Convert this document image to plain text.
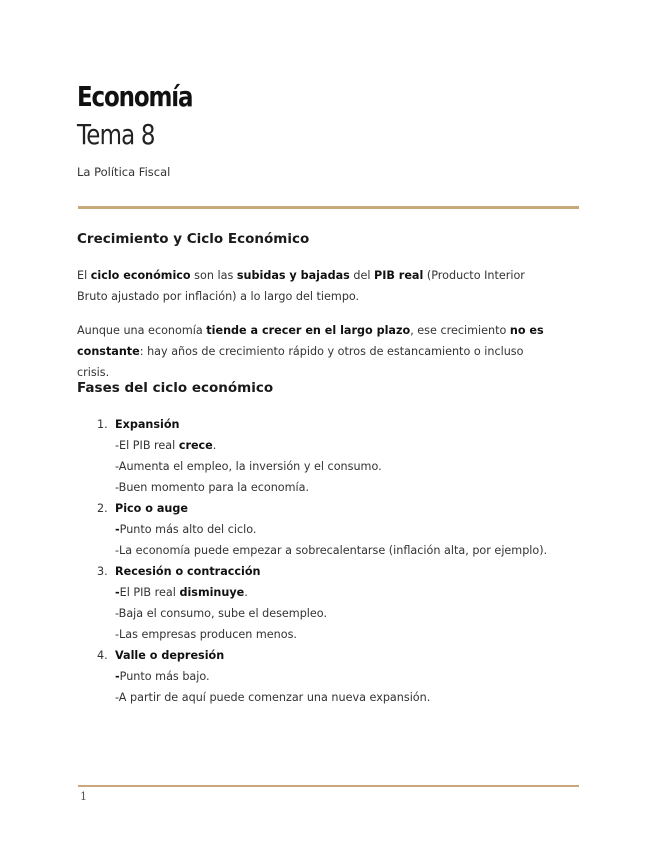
Economía
Tema 8
La Política Fiscal
Crecimiento y Ciclo Económico

El ciclo económico son las subidas y bajadas del PIB real (Producto Interior Bruto ajustado por inflación) a lo largo del tiempo.

Aunque una economía tiende a crecer en el largo plazo, ese crecimiento no es constante: hay años de crecimiento rápido y otros de estancamiento o incluso crisis.

Fases del ciclo económico
1. Expansión
-El PIB real crece.
-Aumenta el empleo, la inversión y el consumo.
-Buen momento para la economía.
2. Pico o auge
-Punto más alto del ciclo.
-La economía puede empezar a sobrecalentarse (inflación alta, por ejemplo).
3. Recesión o contracción
-El PIB real disminuye.
-Baja el consumo, sube el desempleo.
-Las empresas producen menos.
4. Valle o depresión
-Punto más bajo.
-A partir de aquí puede comenzar una nueva expansión.
1
